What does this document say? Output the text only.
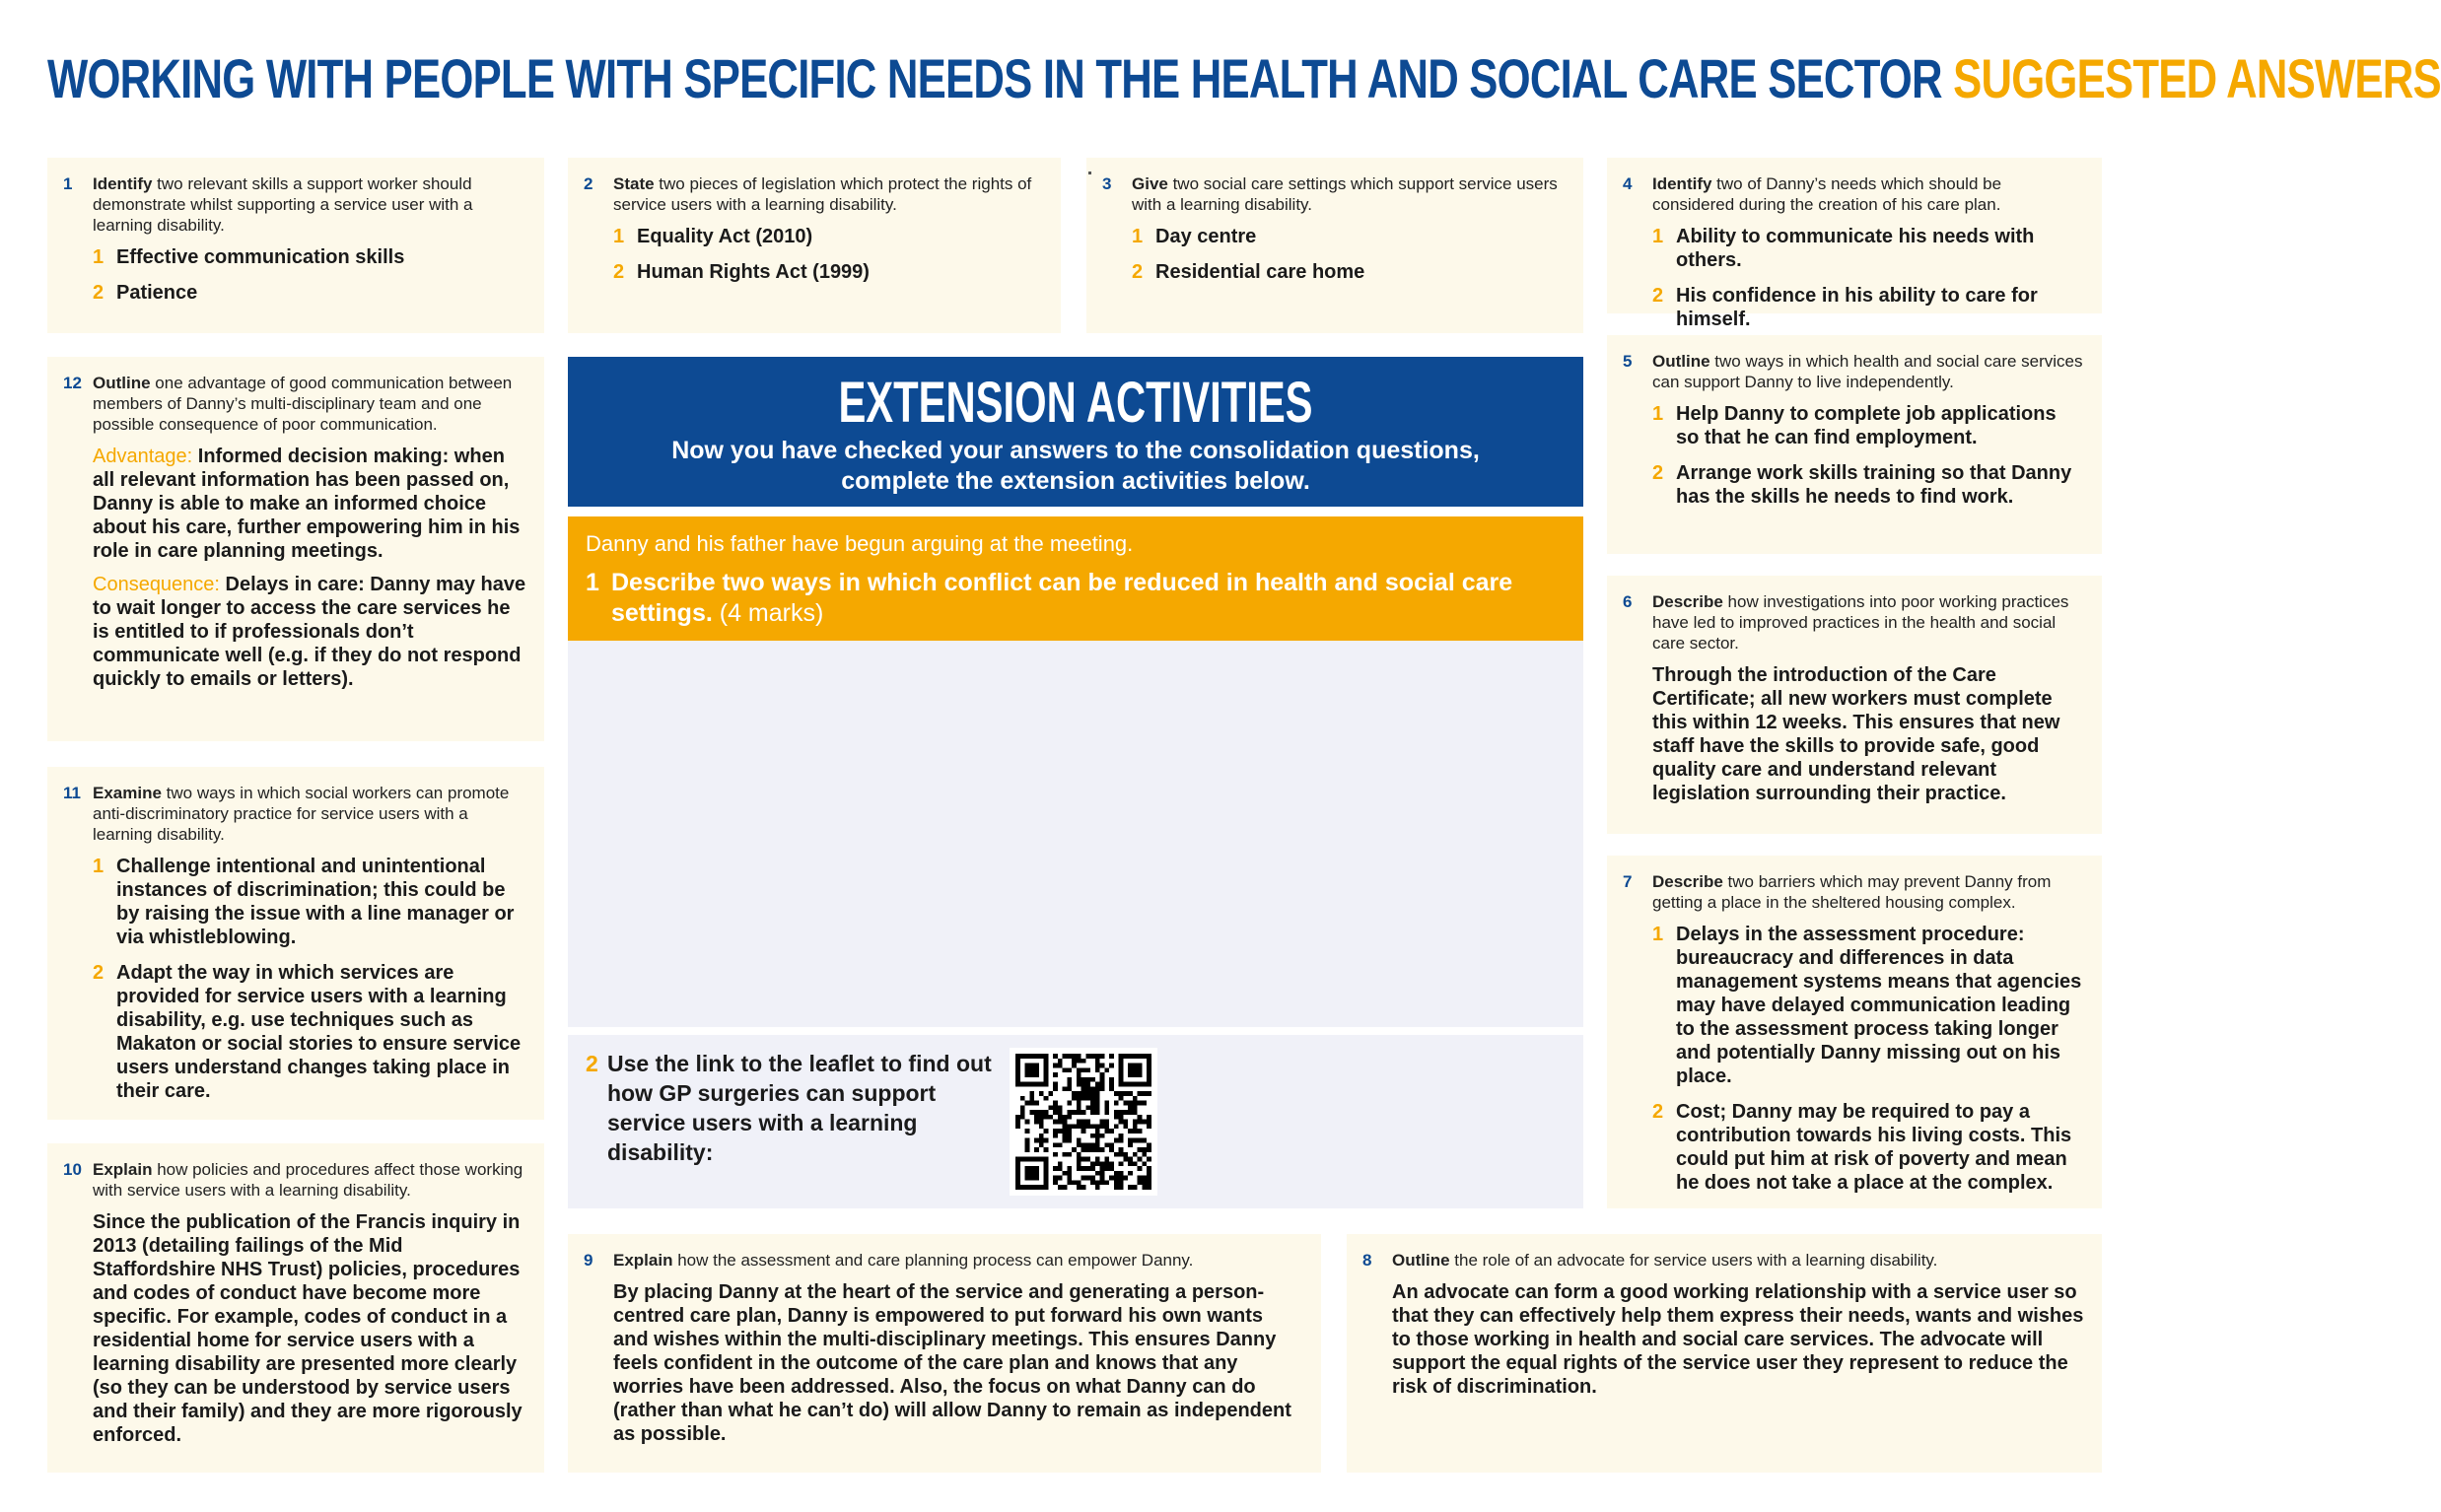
WORKING WITH PEOPLE WITH SPECIFIC NEEDS IN THE HEALTH AND SOCIAL CARE SECTOR SUGGESTED ANSWERS
1	Identify two relevant skills a support worker should demonstrate whilst supporting a service user with a learning disability.
1 Effective communication skills
2 Patience
2	State two pieces of legislation which protect the rights of service users with a learning disability.
1 Equality Act (2010)
2 Human Rights Act (1999)
3	Give two social care settings which support service users with a learning disability.
1 Day centre
2 Residential care home
4	Identify two of Danny’s needs which should be considered during the creation of his care plan.
1 Ability to communicate his needs with others.
2 His confidence in his ability to care for himself.
12 Outline one advantage of good communication between members of Danny’s multi-disciplinary team and one possible consequence of poor communication.
Advantage: Informed decision making: when all relevant information has been passed on, Danny is able to make an informed choice about his care, further empowering him in his role in care planning meetings.
Consequence: Delays in care: Danny may have to wait longer to access the care services he is entitled to if professionals don’t communicate well (e.g. if they do not respond quickly to emails or letters).
11 Examine two ways in which social workers can promote anti-discriminatory practice for service users with a learning disability.
1 Challenge intentional and unintentional instances of discrimination; this could be by raising the issue with a line manager or via whistleblowing.
2 Adapt the way in which services are provided for service users with a learning disability, e.g. use techniques such as Makaton or social stories to ensure service users understand changes taking place in their care.
10 Explain how policies and procedures affect those working with service users with a learning disability.
Since the publication of the Francis inquiry in 2013 (detailing failings of the Mid Staffordshire NHS Trust) policies, procedures and codes of conduct have become more specific. For example, codes of conduct in a residential home for service users with a learning disability are presented more clearly (so they can be understood by service users and their family) and they are more rigorously enforced.
5	Outline two ways in which health and social care services can support Danny to live independently.
1 Help Danny to complete job applications so that he can find employment.
2 Arrange work skills training so that Danny has the skills he needs to find work.
6	Describe how investigations into poor working practices have led to improved practices in the health and social care sector.
Through the introduction of the Care Certificate; all new workers must complete this within 12 weeks. This ensures that new staff have the skills to provide safe, good quality care and understand relevant legislation surrounding their practice.
7	Describe two barriers which may prevent Danny from getting a place in the sheltered housing complex.
1 Delays in the assessment procedure: bureaucracy and differences in data management systems means that agencies may have delayed communication leading to the assessment process taking longer and potentially Danny missing out on his place.
2 Cost; Danny may be required to pay a contribution towards his living costs. This could put him at risk of poverty and mean he does not take a place at the complex.
9	Explain how the assessment and care planning process can empower Danny.
By placing Danny at the heart of the service and generating a person-centred care plan, Danny is empowered to put forward his own wants and wishes within the multi-disciplinary meetings. This ensures Danny feels confident in the outcome of the care plan and knows that any worries have been addressed. Also, the focus on what Danny can do (rather than what he can’t do) will allow Danny to remain as independent as possible.
8	Outline the role of an advocate for service users with a learning disability.
An advocate can form a good working relationship with a service user so that they can effectively help them express their needs, wants and wishes to those working in health and social care services. The advocate will support the equal rights of the service user they represent to reduce the risk of discrimination.
EXTENSION ACTIVITIES
Now you have checked your answers to the consolidation questions,
complete the extension activities below.
Danny and his father have begun arguing at the meeting.
1 Describe two ways in which conflict can be reduced in health and social care settings. (4 marks)
2 Use the link to the leaflet to find out how GP surgeries can support service users with a learning disability:
